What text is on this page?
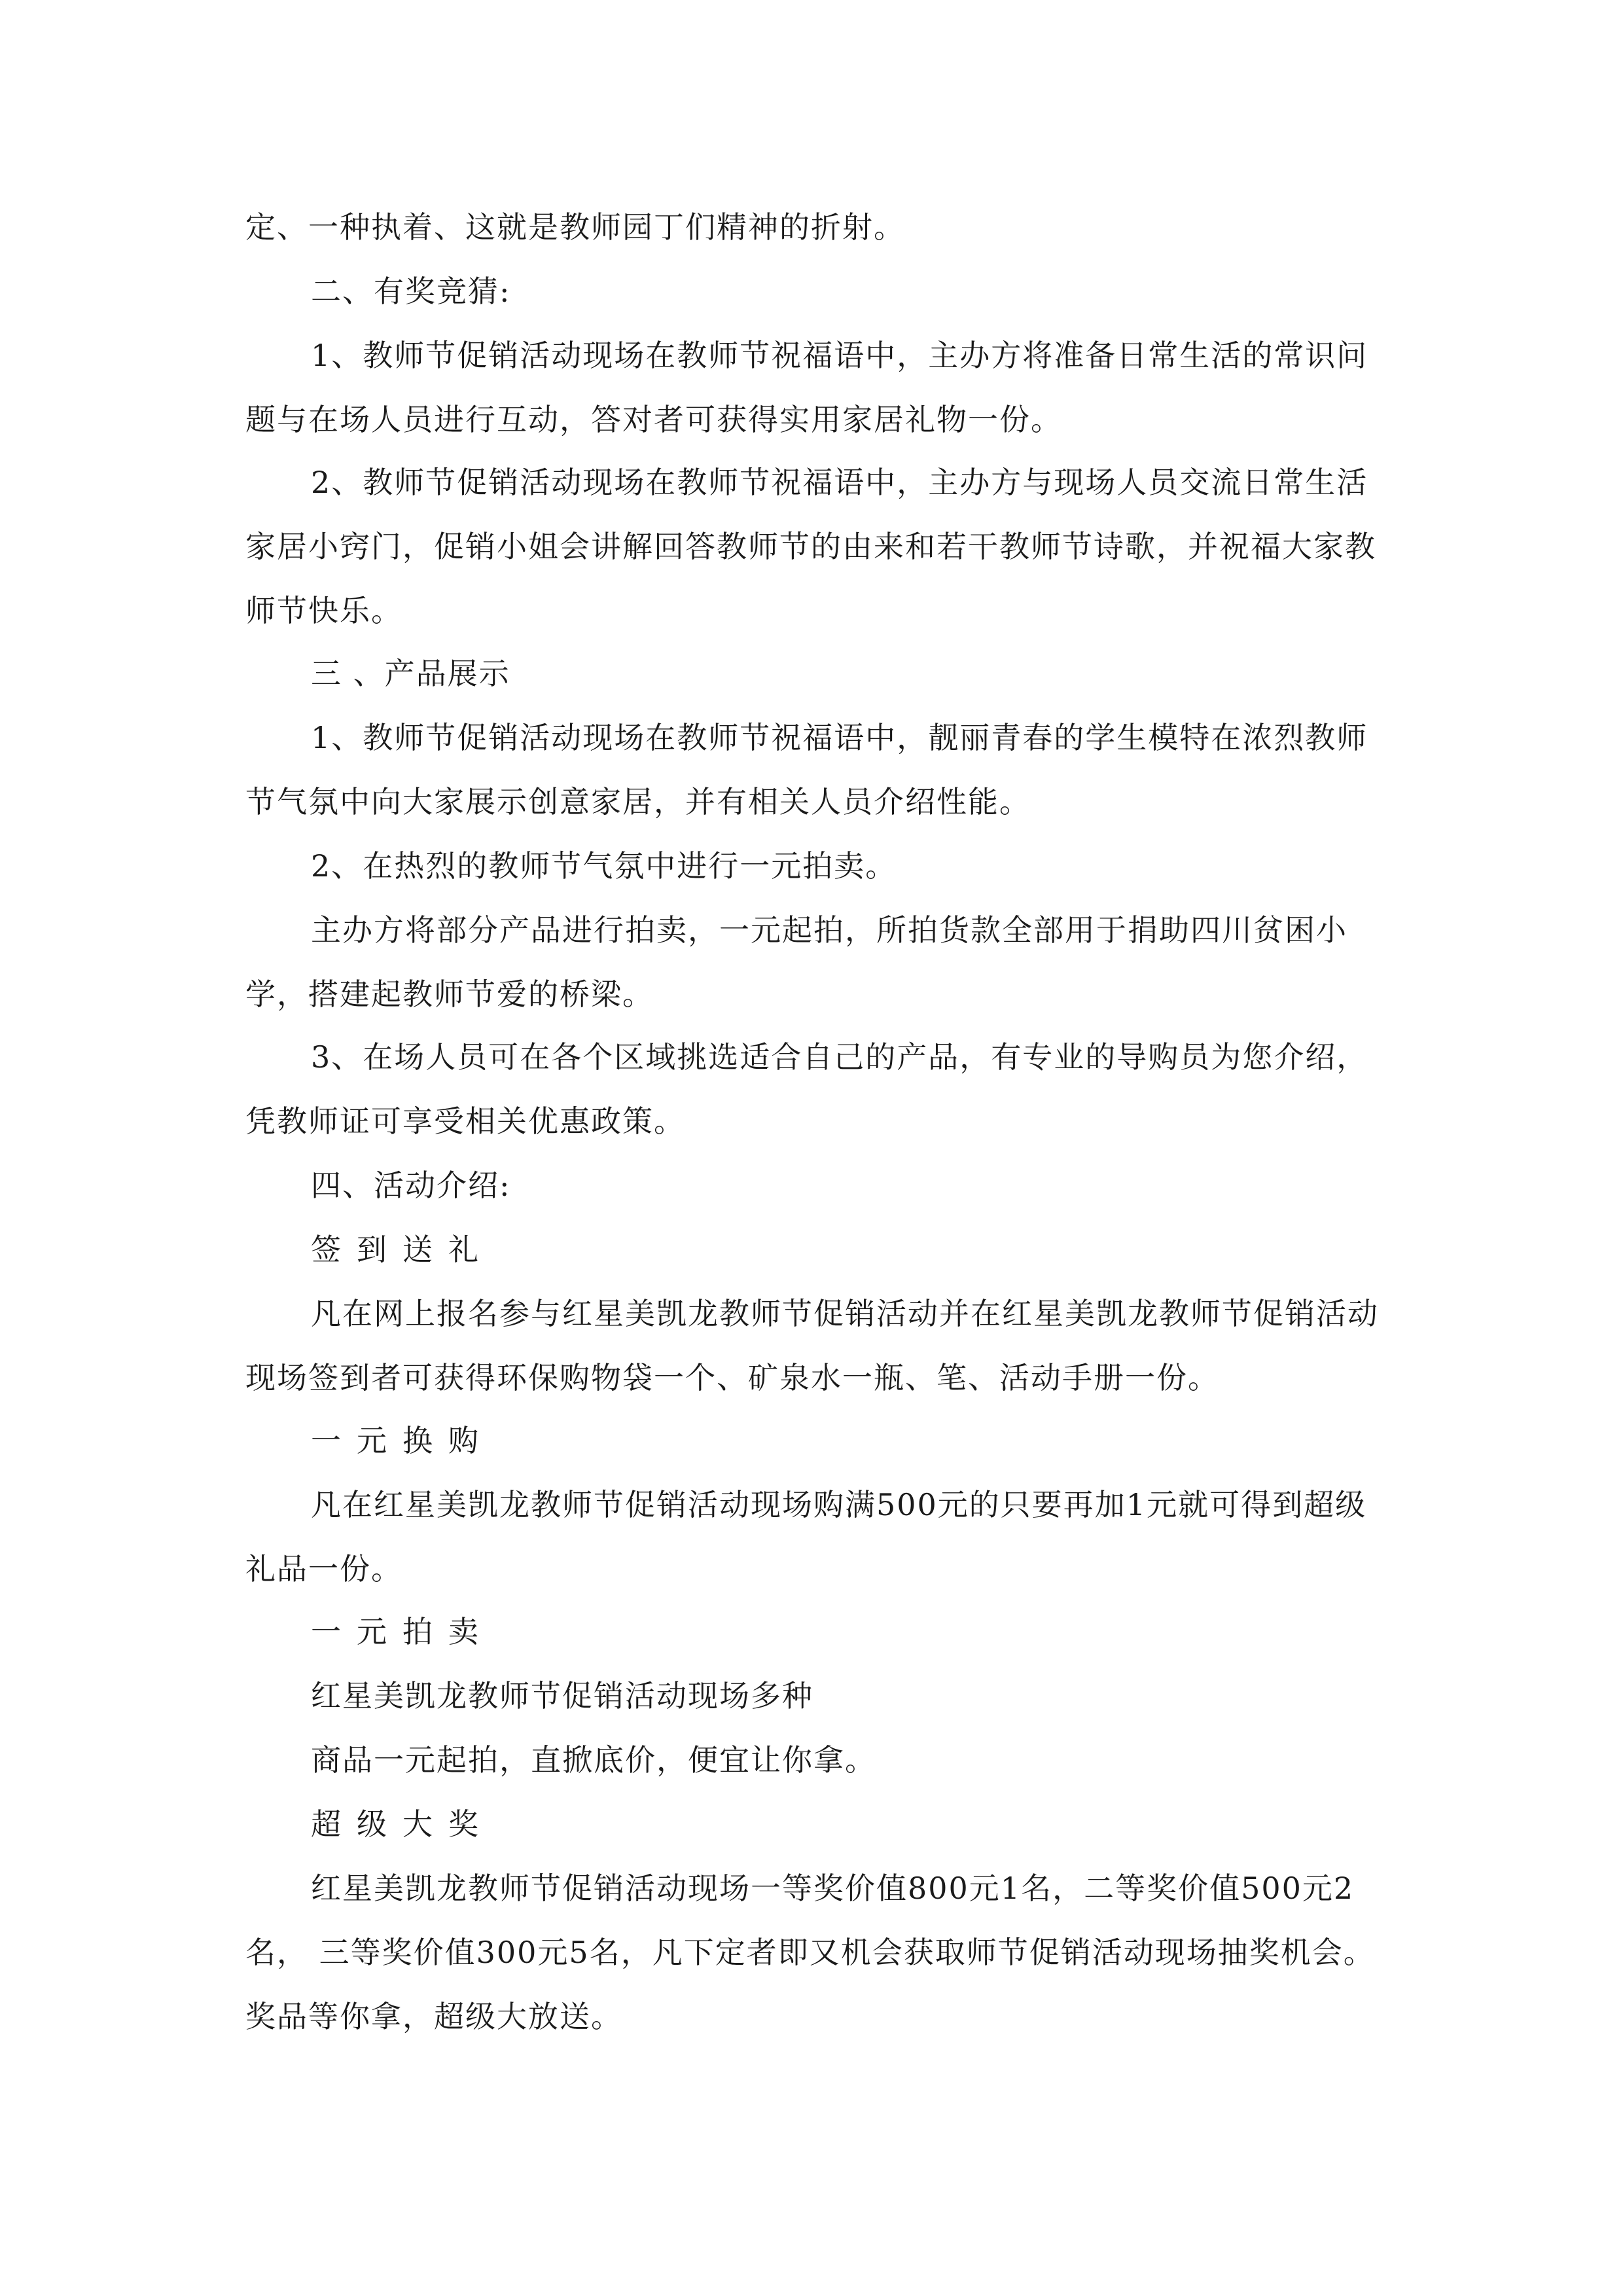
定、一种执着、这就是教师园丁们精神的折射。

二、有奖竞猜:

1、教师节促销活动现场在教师节祝福语中，主办方将准备日常生活的常识问题与在场人员进行互动，答对者可获得实用家居礼物一份。

2、教师节促销活动现场在教师节祝福语中，主办方与现场人员交流日常生活家居小窍门，促销小姐会讲解回答教师节的由来和若干教师节诗歌，并祝福大家教师节快乐。

三 、产品展示

1、教师节促销活动现场在教师节祝福语中，靓丽青春的学生模特在浓烈教师节气氛中向大家展示创意家居，并有相关人员介绍性能。

2、在热烈的教师节气氛中进行一元拍卖。

主办方将部分产品进行拍卖，一元起拍，所拍货款全部用于捐助四川贫困小学，搭建起教师节爱的桥梁。

3、在场人员可在各个区域挑选适合自己的产品，有专业的导购员为您介绍，凭教师证可享受相关优惠政策。

四、活动介绍:

签到送礼

凡在网上报名参与红星美凯龙教师节促销活动并在红星美凯龙教师节促销活动现场签到者可获得环保购物袋一个、矿泉水一瓶、笔、活动手册一份。

一元换购

凡在红星美凯龙教师节促销活动现场购满500元的只要再加1元就可得到超级礼品一份。

一元拍卖

红星美凯龙教师节促销活动现场多种

商品一元起拍，直掀底价，便宜让你拿。

超级大奖

红星美凯龙教师节促销活动现场一等奖价值800元1名，二等奖价值500元2名， 三等奖价值300元5名，凡下定者即又机会获取师节促销活动现场抽奖机会。奖品等你拿，超级大放送。
